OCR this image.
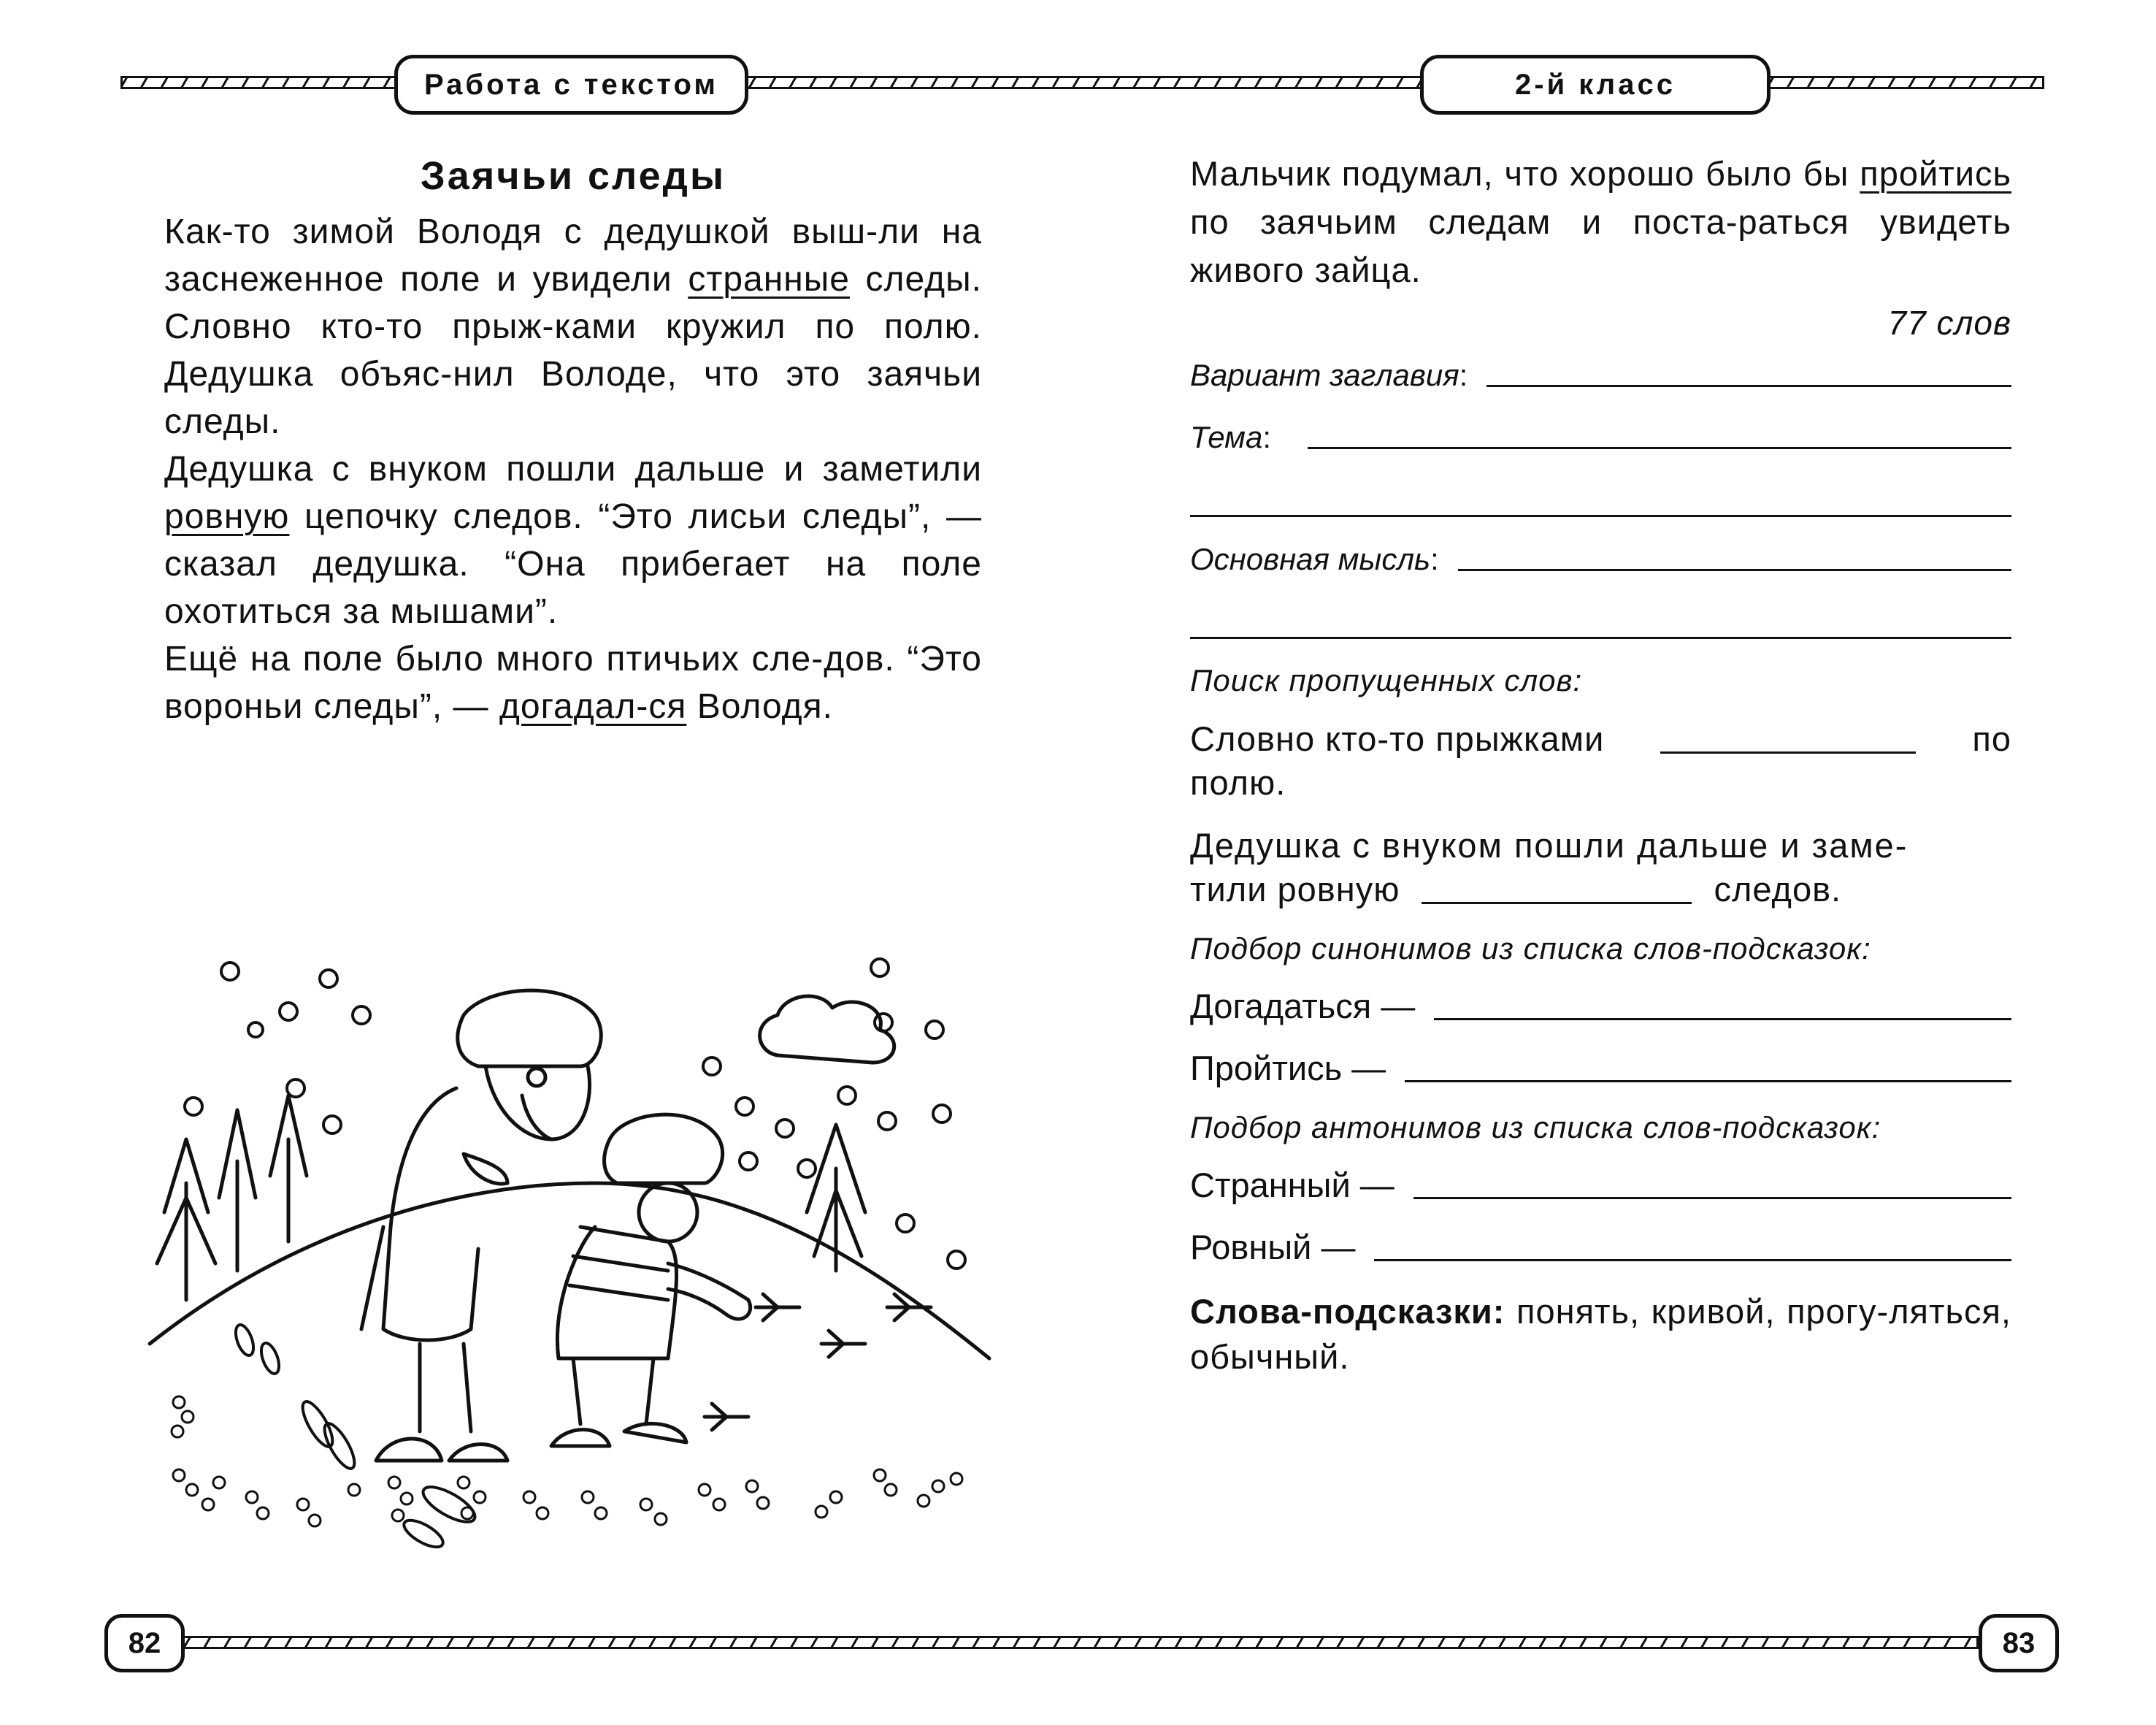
Работа с текстом	2-й класс
Заячьи следы

Как-то зимой Володя с дедушкой выш-ли на заснеженное поле и увидели странные следы. Словно кто-то прыж-ками кружил по полю. Дедушка объяс-нил Володе, что это заячьи следы.

Дедушка с внуком пошли дальше и заметили ровную цепочку следов. “Это лисьи следы”, — сказал дедушка. “Она прибегает на поле охотиться за мышами”.

Ещё на поле было много птичьих сле-дов. “Это вороньи следы”, — догадал-ся Володя.

Мальчик подумал, что хорошо было бы пройтись по заячьим следам и поста-раться увидеть живого зайца.
77 слов
Вариант заглавия :
Тема :
Основная мысль :
Поиск пропущенных слов:
Словно кто-то прыжками	по
полю.
Дедушка с внуком пошли дальше и заме-
тили ровную	следов.
Подбор синонимов из списка слов-подсказок:
Догадаться —
Пройтись —
Подбор антонимов из списка слов-подсказок:
Странный —
Ровный —
Слова-подсказки: понять, кривой, прогу-ляться, обычный.
82	83
